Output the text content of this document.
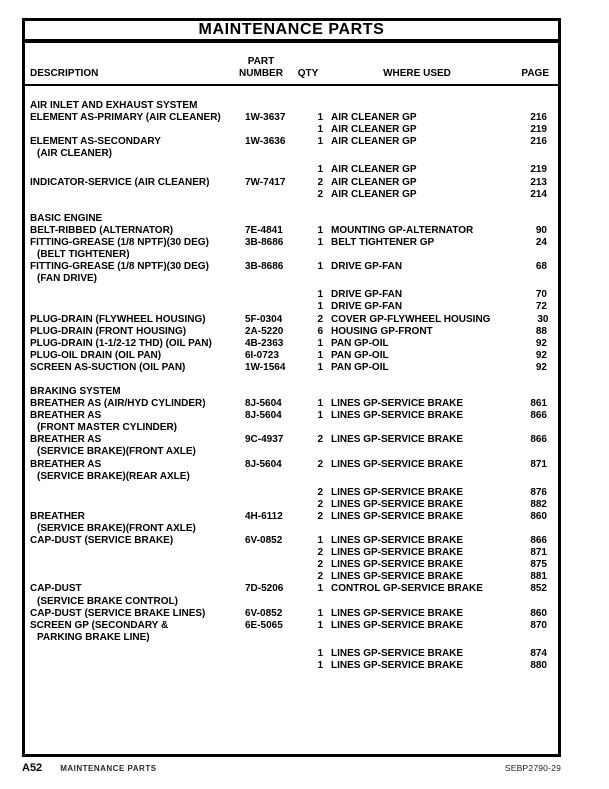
MAINTENANCE PARTS
DESCRIPTION
PART
NUMBER	QTY	WHERE USED	PAGE
AIR INLET AND EXHAUST SYSTEM
ELEMENT AS-PRIMARY (AIR CLEANER)	1W-3637	1 AIR CLEANER GP	216
1 AIR CLEANER GP	219
ELEMENT AS-SECONDARY	1W-3636	1 AIR CLEANER GP	216
(AIR CLEANER)
1 AIR CLEANER GP	219
INDICATOR-SERVICE (AIR CLEANER)	7W-7417	2 AIR CLEANER GP	213
2 AIR CLEANER GP	214
BASIC ENGINE
BELT-RIBBED (ALTERNATOR)	7E-4841	1 MOUNTING GP-ALTERNATOR	90
FITTING-GREASE (1/8 NPTF)(30 DEG)	3B-8686	1 BELT TIGHTENER GP	24
(BELT TIGHTENER)
FITTING-GREASE (1/8 NPTF)(30 DEG)	3B-8686	1 DRIVE GP-FAN	68
(FAN DRIVE)
1 DRIVE GP-FAN	70
1 DRIVE GP-FAN	72
PLUG-DRAIN (FLYWHEEL HOUSING)	5F-0304	2 COVER GP-FLYWHEEL HOUSING	30
PLUG-DRAIN (FRONT HOUSING)	2A-5220	6 HOUSING GP-FRONT	88
PLUG-DRAIN (1-1/2-12 THD) (OIL PAN)	4B-2363	1 PAN GP-OIL	92
PLUG-OIL DRAIN (OIL PAN)	6I-0723	1 PAN GP-OIL	92
SCREEN AS-SUCTION (OIL PAN)	1W-1564	1 PAN GP-OIL	92
BRAKING SYSTEM
BREATHER AS (AIR/HYD CYLINDER)	8J-5604	1 LINES GP-SERVICE BRAKE	861
BREATHER AS	8J-5604	1 LINES GP-SERVICE BRAKE	866
(FRONT MASTER CYLINDER)
BREATHER AS	9C-4937	2 LINES GP-SERVICE BRAKE	866
(SERVICE BRAKE)(FRONT AXLE)
BREATHER AS	8J-5604	2 LINES GP-SERVICE BRAKE	871
(SERVICE BRAKE)(REAR AXLE)
2 LINES GP-SERVICE BRAKE	876
2 LINES GP-SERVICE BRAKE	882
BREATHER	4H-6112	2 LINES GP-SERVICE BRAKE	860
(SERVICE BRAKE)(FRONT AXLE)
CAP-DUST (SERVICE BRAKE)	6V-0852	1 LINES GP-SERVICE BRAKE	866
2 LINES GP-SERVICE BRAKE	871
2 LINES GP-SERVICE BRAKE	875
2 LINES GP-SERVICE BRAKE	881
CAP-DUST	7D-5206	1 CONTROL GP-SERVICE BRAKE	852
(SERVICE BRAKE CONTROL)
CAP-DUST (SERVICE BRAKE LINES)	6V-0852	1 LINES GP-SERVICE BRAKE	860
SCREEN GP (SECONDARY &	6E-5065	1 LINES GP-SERVICE BRAKE	870
PARKING BRAKE LINE)
1 LINES GP-SERVICE BRAKE	874
1 LINES GP-SERVICE BRAKE	880
A52 MAINTENANCE PARTS	SEBP2790-29
